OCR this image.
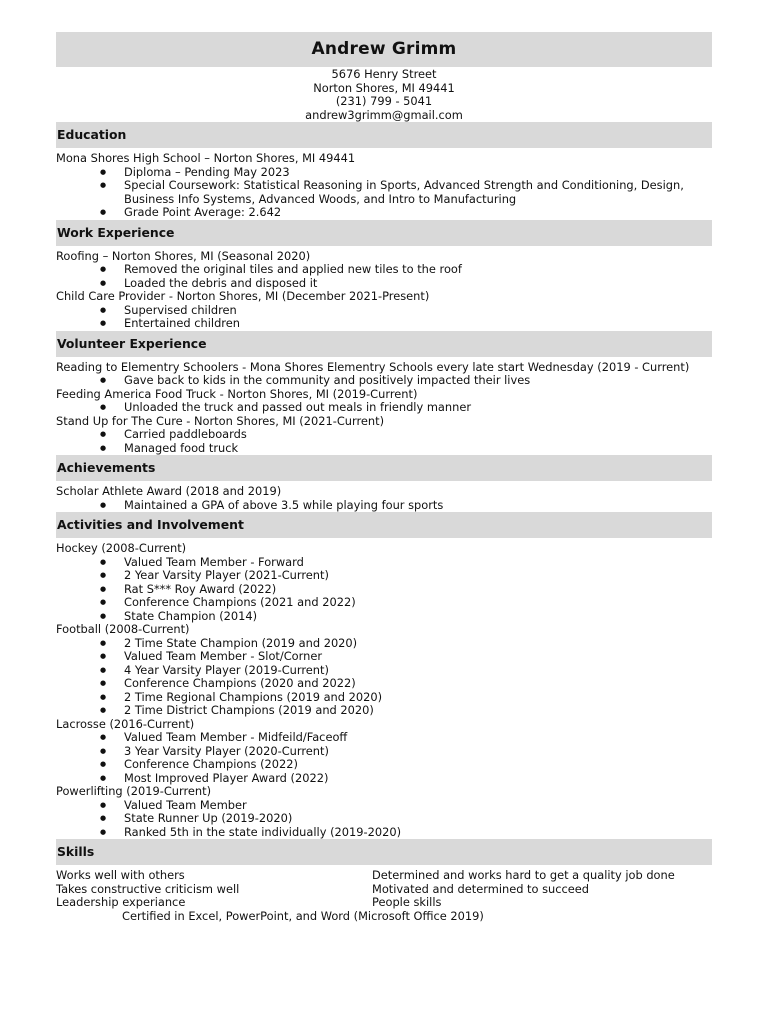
Andrew Grimm
5676 Henry Street
Norton Shores, MI 49441
(231) 799 - 5041
andrew3grimm@gmail.com
Education
Mona Shores High School – Norton Shores, MI 49441
● Diploma – Pending May 2023
● Special Coursework: Statistical Reasoning in Sports, Advanced Strength and Conditioning, Design, Business Info Systems, Advanced Woods, and Intro to Manufacturing
● Grade Point Average: 2.642
Work Experience
Roofing – Norton Shores, MI (Seasonal 2020)
● Removed the original tiles and applied new tiles to the roof
● Loaded the debris and disposed it
Child Care Provider - Norton Shores, MI (December 2021-Present)
● Supervised children
● Entertained children
Volunteer Experience
Reading to Elementry Schoolers - Mona Shores Elementry Schools every late start Wednesday (2019 - Current)
● Gave back to kids in the community and positively impacted their lives
Feeding America Food Truck - Norton Shores, MI (2019-Current)
● Unloaded the truck and passed out meals in friendly manner
Stand Up for The Cure - Norton Shores, MI (2021-Current)
● Carried paddleboards
● Managed food truck
Achievements
Scholar Athlete Award (2018 and 2019)
● Maintained a GPA of above 3.5 while playing four sports
Activities and Involvement
Hockey (2008-Current)
● Valued Team Member - Forward
● 2 Year Varsity Player (2021-Current)
● Rat S*** Roy Award (2022)
● Conference Champions (2021 and 2022)
● State Champion (2014)
Football (2008-Current)
● 2 Time State Champion (2019 and 2020)
● Valued Team Member - Slot/Corner
● 4 Year Varsity Player (2019-Current)
● Conference Champions (2020 and 2022)
● 2 Time Regional Champions (2019 and 2020)
● 2 Time District Champions (2019 and 2020)
Lacrosse (2016-Current)
● Valued Team Member - Midfeild/Faceoff
● 3 Year Varsity Player (2020-Current)
● Conference Champions (2022)
● Most Improved Player Award (2022)
Powerlifting (2019-Current)
● Valued Team Member
● State Runner Up (2019-2020)
● Ranked 5th in the state individually (2019-2020)
Skills
Works well with others	Determined and works hard to get a quality job done
Takes constructive criticism well	Motivated and determined to succeed
Leadership experiance	People skills
Certified in Excel, PowerPoint, and Word (Microsoft Office 2019)
